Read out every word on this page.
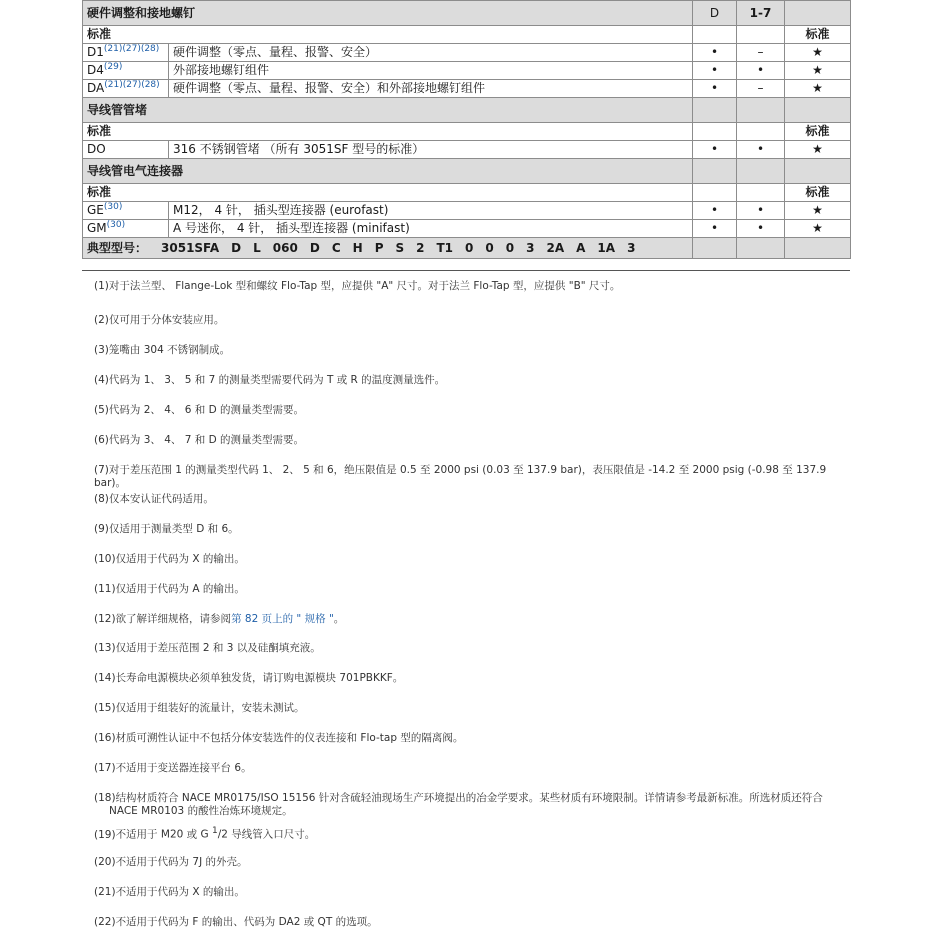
硬件调整和接地螺钉		D	1-7	
标准				标准
D1$^{(21)(27)(28)}$	硬件调整（零点、量程、报警、安全）	•	–	★
D4$^{(29)}$	外部接地螺钉组件	•	•	★
DA$^{(21)(27)(28)}$	硬件调整（零点、量程、报警、安全）和外部接地螺钉组件	•	–	★
导线管管堵				
标准				标准
DO	316 不锈钢管堵 （所有 3051SF 型号的标准）	•	•	★
导线管电气连接器				
标准				标准
GE$^{(30)}$	M12， 4 针， 插头型连接器 (eurofast)	•	•	★
GM$^{(30)}$	A 号迷你， 4 针， 插头型连接器 (minifast)	•	•	★
典型型号： 3051SFA D L 060 D C H P S 2 T1 0 0 0 3 2A A 1A 3				
(1)对于法兰型、 Flange-Lok 型和螺纹 Flo-Tap 型，应提供 "A" 尺寸。对于法兰 Flo-Tap 型，应提供 "B" 尺寸。
(2)仅可用于分体安装应用。
(3)笼嘴由 304 不锈钢制成。
(4)代码为 1、 3、 5 和 7 的测量类型需要代码为 T 或 R 的温度测量选件。
(5)代码为 2、 4、 6 和 D 的测量类型需要。
(6)代码为 3、 4、 7 和 D 的测量类型需要。
(7)对于差压范围 1 的测量类型代码 1、 2、 5 和 6，绝压限值是 0.5 至 2000 psi (0.03 至 137.9 bar)，表压限值是 -14.2 至 2000 psig (-0.98 至 137.9 bar)。
(8)仅本安认证代码适用。
(9)仅适用于测量类型 D 和 6。
(10)仅适用于代码为 X 的输出。
(11)仅适用于代码为 A 的输出。
(12)欲了解详细规格，请参阅第 82 页上的 " 规格 "。
(13)仅适用于差压范围 2 和 3 以及硅酮填充液。
(14)长寿命电源模块必须单独发货，请订购电源模块 701PBKKF。
(15)仅适用于组装好的流量计，安装未测试。
(16)材质可溯性认证中不包括分体安装选件的仪表连接和 Flo-tap 型的隔离阀。
(17)不适用于变送器连接平台 6。
(18)结构材质符合 NACE MR0175/ISO 15156 针对含硫轻油现场生产环境提出的冶金学要求。某些材质有环境限制。详情请参考最新标准。所选材质还符合
NACE MR0103 的酸性冶炼环境规定。
(19)不适用于 M20 或 G $^1$/2 导线管入口尺寸。
(20)不适用于代码为 7J 的外壳。
(21)不适用于代码为 X 的输出。
(22)不适用于代码为 F 的输出、代码为 DA2 或 QT 的选项。
